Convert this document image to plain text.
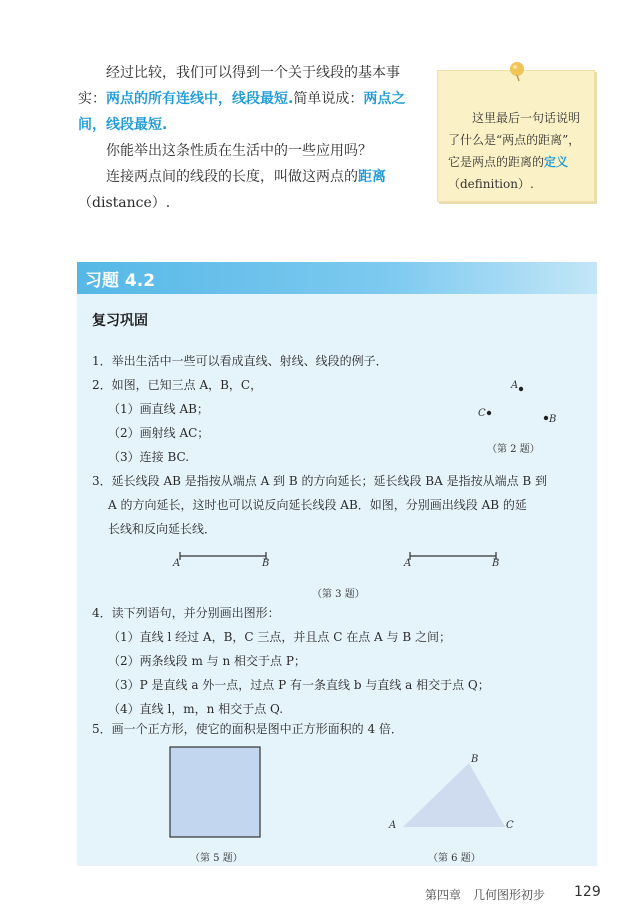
经过比较，我们可以得到一个关于线段的基本事实：两点的所有连线中，线段最短.简单说成：两点之间，线段最短.

你能举出这条性质在生活中的一些应用吗？

连接两点间的线段的长度，叫做这两点的距离（distance）.

这里最后一句话说明了什么是“两点的距离”，它是两点的距离的定义（definition）.
习题 4.2
复习巩固
1．举出生活中一些可以看成直线、射线、线段的例子．
2．如图，已知三点 A，B，C，
（1）画直线 AB；
（2）画射线 AC；
（3）连接 BC.
A
C
B
（第 2 题）
3．延长线段 AB 是指按从端点 A 到 B 的方向延长；延长线段 BA 是指按从端点 B 到
A 的方向延长，这时也可以说反向延长线段 AB．如图，分别画出线段 AB 的延
长线和反向延长线．
A	B	A	B
（第 3 题）
4．读下列语句，并分别画出图形：
（1）直线 l 经过 A，B，C 三点，并且点 C 在点 A 与 B 之间；
（2）两条线段 m 与 n 相交于点 P；
（3）P 是直线 a 外一点，过点 P 有一条直线 b 与直线 a 相交于点 Q；
（4）直线 l，m，n 相交于点 Q.
5．画一个正方形，使它的面积是图中正方形面积的 4 倍．
（第 5 题）
B
A	C
（第 6 题）
第四章　几何图形初步 129
